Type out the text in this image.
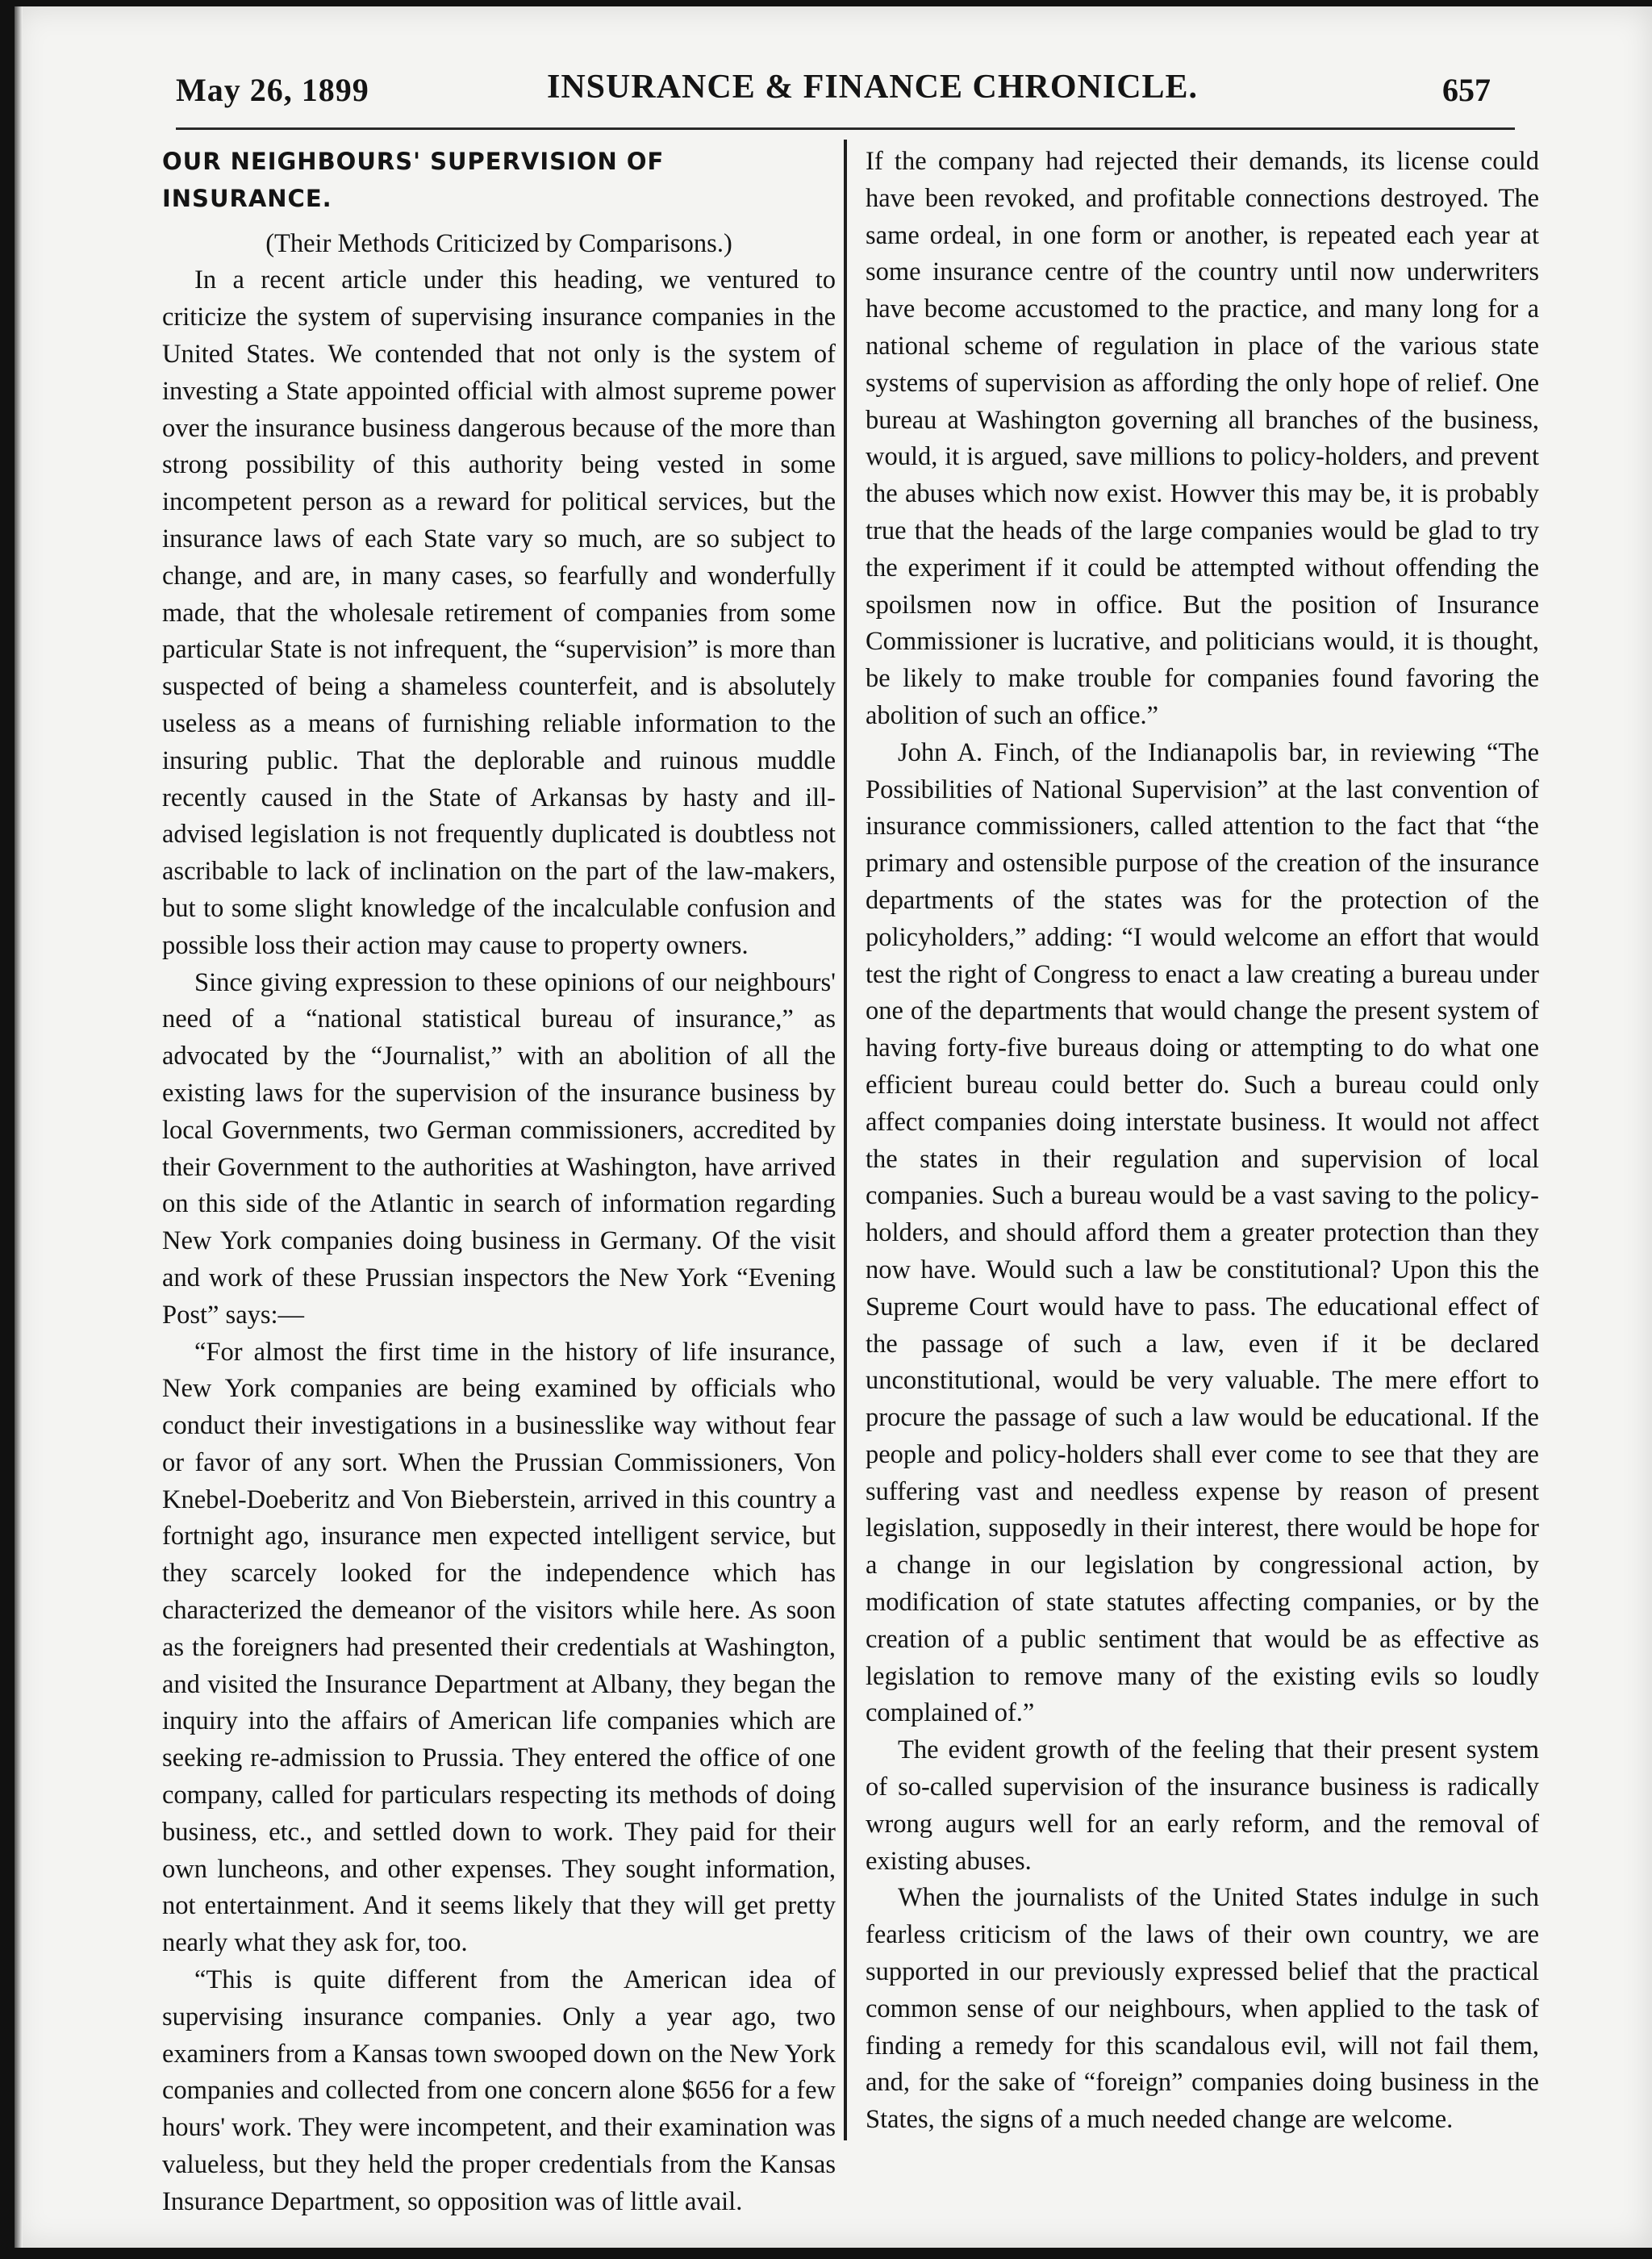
May 26, 1899	INSURANCE & FINANCE CHRONICLE.	657
OUR NEIGHBOURS' SUPERVISION OF INSURANCE.

(Their Methods Criticized by Comparisons.)

In a recent article under this heading, we ventured to criticize the system of supervising insurance companies in the United States. We contended that not only is the system of investing a State appointed official with almost supreme power over the insurance business dangerous because of the more than strong possibility of this authority being vested in some incompetent person as a reward for political services, but the insurance laws of each State vary so much, are so subject to change, and are, in many cases, so fearfully and wonderfully made, that the wholesale retirement of companies from some particular State is not infrequent, the “supervision” is more than suspected of being a shameless counterfeit, and is absolutely useless as a means of furnishing reliable information to the insuring public. That the deplorable and ruinous muddle recently caused in the State of Arkansas by hasty and ill-advised legislation is not frequently duplicated is doubtless not ascribable to lack of inclination on the part of the law-makers, but to some slight knowledge of the incalculable confusion and possible loss their action may cause to property owners.

Since giving expression to these opinions of our neighbours' need of a “national statistical bureau of insurance,” as advocated by the “Journalist,” with an abolition of all the existing laws for the supervision of the insurance business by local Governments, two German commissioners, accredited by their Government to the authorities at Washington, have arrived on this side of the Atlantic in search of information regarding New York companies doing business in Germany. Of the visit and work of these Prussian inspectors the New York “Evening Post” says:—

“For almost the first time in the history of life insurance, New York companies are being examined by officials who conduct their investigations in a businesslike way without fear or favor of any sort. When the Prussian Commissioners, Von Knebel-Doeberitz and Von Bieberstein, arrived in this country a fortnight ago, insurance men expected intelligent service, but they scarcely looked for the independence which has characterized the demeanor of the visitors while here. As soon as the foreigners had presented their credentials at Washington, and visited the Insurance Department at Albany, they began the inquiry into the affairs of American life companies which are seeking re-admission to Prussia. They entered the office of one company, called for particulars respecting its methods of doing business, etc., and settled down to work. They paid for their own luncheons, and other expenses. They sought information, not entertainment. And it seems likely that they will get pretty nearly what they ask for, too.

“This is quite different from the American idea of supervising insurance companies. Only a year ago, two examiners from a Kansas town swooped down on the New York companies and collected from one concern alone $656 for a few hours' work. They were incompetent, and their examination was valueless, but they held the proper credentials from the Kansas Insurance Department, so opposition was of little avail.

If the company had rejected their demands, its license could have been revoked, and profitable connections destroyed. The same ordeal, in one form or another, is repeated each year at some insurance centre of the country until now underwriters have become accustomed to the practice, and many long for a national scheme of regulation in place of the various state systems of supervision as affording the only hope of relief. One bureau at Washington governing all branches of the business, would, it is argued, save millions to policy-holders, and prevent the abuses which now exist. Howver this may be, it is probably true that the heads of the large companies would be glad to try the experiment if it could be attempted without offending the spoilsmen now in office. But the position of Insurance Commissioner is lucrative, and politicians would, it is thought, be likely to make trouble for companies found favoring the abolition of such an office.”

John A. Finch, of the Indianapolis bar, in reviewing “The Possibilities of National Supervision” at the last convention of insurance commissioners, called attention to the fact that “the primary and ostensible purpose of the creation of the insurance departments of the states was for the protection of the policyholders,” adding: “I would welcome an effort that would test the right of Congress to enact a law creating a bureau under one of the departments that would change the present system of having forty-five bureaus doing or attempting to do what one efficient bureau could better do. Such a bureau could only affect companies doing interstate business. It would not affect the states in their regulation and supervision of local companies. Such a bureau would be a vast saving to the policy-holders, and should afford them a greater protection than they now have. Would such a law be constitutional? Upon this the Supreme Court would have to pass. The educational effect of the passage of such a law, even if it be declared unconstitutional, would be very valuable. The mere effort to procure the passage of such a law would be educational. If the people and policy-holders shall ever come to see that they are suffering vast and needless expense by reason of present legislation, supposedly in their interest, there would be hope for a change in our legislation by congressional action, by modification of state statutes affecting companies, or by the creation of a public sentiment that would be as effective as legislation to remove many of the existing evils so loudly complained of.”

The evident growth of the feeling that their present system of so-called supervision of the insurance business is radically wrong augurs well for an early reform, and the removal of existing abuses.

When the journalists of the United States indulge in such fearless criticism of the laws of their own country, we are supported in our previously expressed belief that the practical common sense of our neighbours, when applied to the task of finding a remedy for this scandalous evil, will not fail them, and, for the sake of “foreign” companies doing business in the States, the signs of a much needed change are welcome.
